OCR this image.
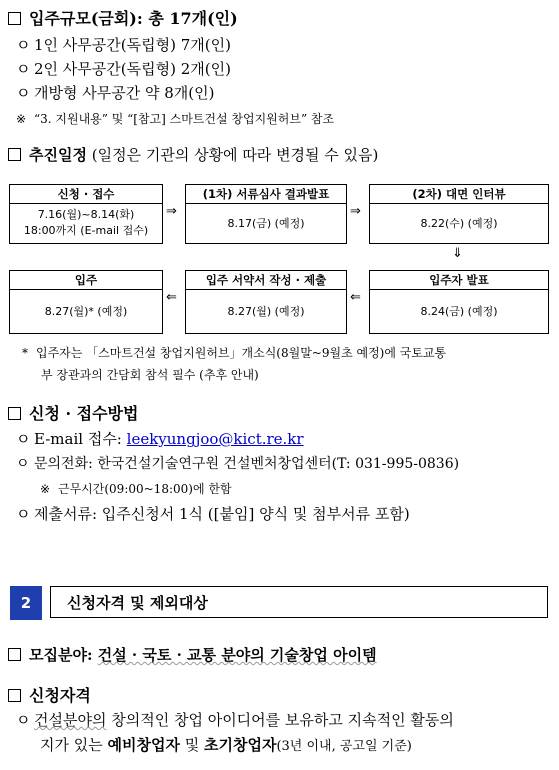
입주규모(금회): 총 17개(인)
ㅇ 1인 사무공간(독립형) 7개(인)
ㅇ 2인 사무공간(독립형) 2개(인)
ㅇ 개방형 사무공간 약 8개(인)
※ “3. 지원내용” 및 “[참고] 스마트건설 창업지원허브” 참조
추진일정 (일정은 기관의 상황에 따라 변경될 수 있음)
신청 · 접수
7.16(월)~8.14(화)
18:00까지 (E-mail 접수)
⇒
(1차) 서류심사 결과발표
8.17(금) (예정)
⇒
(2차) 대면 인터뷰
8.22(수) (예정)
⇓
입주자 발표
8.24(금) (예정)
⇐
입주 서약서 작성 · 제출
8.27(월) (예정)
⇐
입주
8.27(월)* (예정)
* 입주자는 「스마트건설 창업지원허브」개소식(8월말~9월초 예정)에 국토교통
부 장관과의 간담회 참석 필수 (추후 안내)
신청 · 접수방법
ㅇ E-mail 접수: leekyungjoo@kict.re.kr
ㅇ 문의전화: 한국건설기술연구원 건설벤처창업센터(T: 031-995-0836)
※ 근무시간(09:00~18:00)에 한함
ㅇ 제출서류: 입주신청서 1식 ([붙임] 양식 및 첨부서류 포함)
2	신청자격 및 제외대상
모집분야: 건설 · 국토 · 교통 분야의 기술창업 아이템
신청자격
ㅇ 건설분야의 창의적인 창업 아이디어를 보유하고 지속적인 활동의
지가 있는 예비창업자 및 초기창업자(3년 이내, 공고일 기준)
